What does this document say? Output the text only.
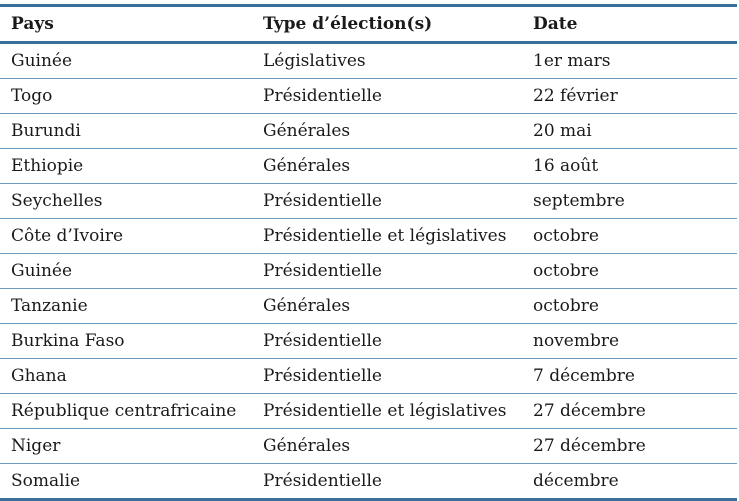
Pays	Type d’élection(s)	Date
Guinée	Législatives	1er mars
Togo	Présidentielle	22 février
Burundi	Générales	20 mai
Ethiopie	Générales	16 août
Seychelles	Présidentielle	septembre
Côte d’Ivoire	Présidentielle et législatives	octobre
Guinée	Présidentielle	octobre
Tanzanie	Générales	octobre
Burkina Faso	Présidentielle	novembre
Ghana	Présidentielle	7 décembre
République centrafricaine	Présidentielle et législatives	27 décembre
Niger	Générales	27 décembre
Somalie	Présidentielle	décembre
